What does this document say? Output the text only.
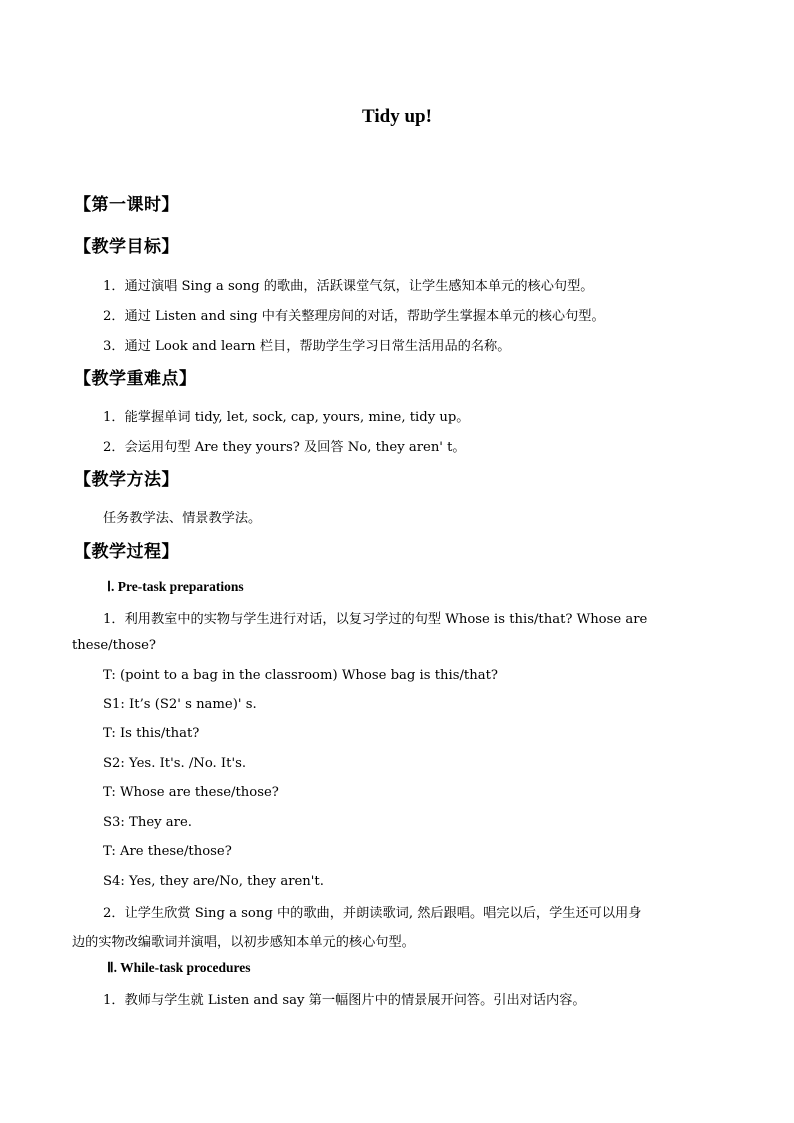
Tidy up!
【第一课时】
【教学目标】
1．通过演唱 Sing a song 的歌曲，活跃课堂气氛，让学生感知本单元的核心句型。
2．通过 Listen and sing 中有关整理房间的对话，帮助学生掌握本单元的核心句型。
3．通过 Look and learn 栏目，帮助学生学习日常生活用品的名称。
【教学重难点】
1．能掌握单词 tidy, let, sock, cap, yours, mine, tidy up。
2．会运用句型 Are they yours? 及回答 No, they aren' t。
【教学方法】
任务教学法、情景教学法。
【教学过程】
Ⅰ. Pre-task preparations
1．利用教室中的实物与学生进行对话，以复习学过的句型 Whose is this/that? Whose are
these/those?
T: (point to a bag in the classroom) Whose bag is this/that?
S1: It’s (S2' s name)' s.
T: Is this/that?
S2: Yes. It's. /No. It's.
T: Whose are these/those?
S3: They are.
T: Are these/those?
S4: Yes, they are/No, they aren't.
2．让学生欣赏 Sing a song 中的歌曲，并朗读歌词, 然后跟唱。唱完以后，学生还可以用身
边的实物改编歌词并演唱，以初步感知本单元的核心句型。
Ⅱ. While-task procedures
1．教师与学生就 Listen and say 第一幅图片中的情景展开问答。引出对话内容。
